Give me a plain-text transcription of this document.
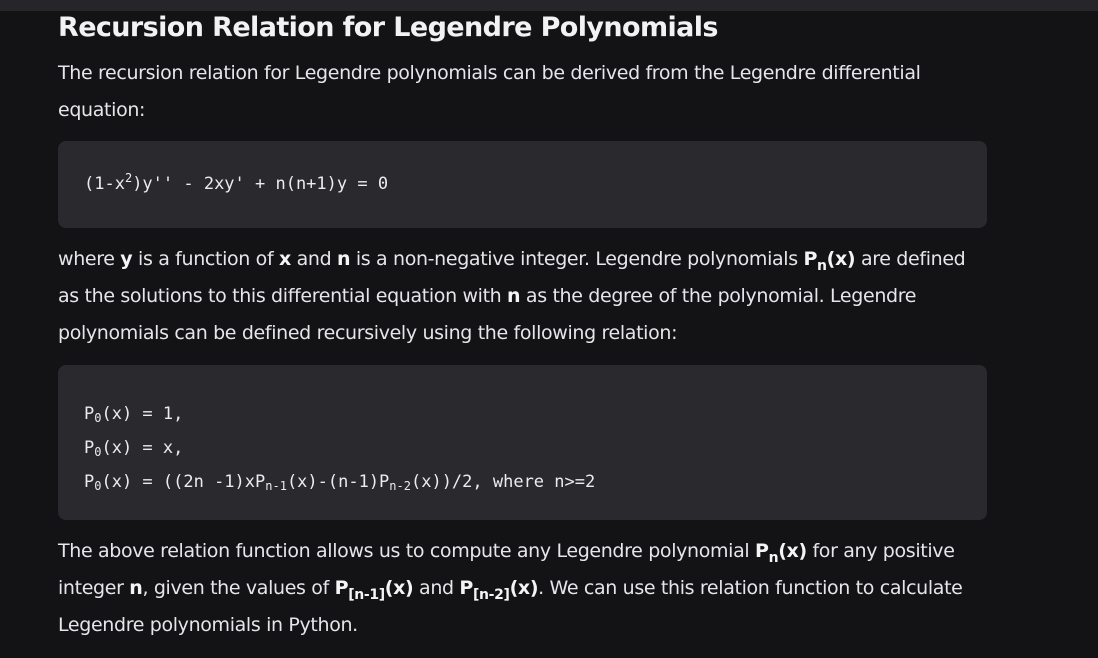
Recursion Relation for Legendre Polynomials

The recursion relation for Legendre polynomials can be derived from the Legendre differential equation:

$(1-x^2)y'' - 2xy' + n(n+1)y = 0$

where y is a function of x and n is a non-negative integer. Legendre polynomials $P_n(x)$ are defined as the solutions to this differential equation with n as the degree of the polynomial. Legendre polynomials can be defined recursively using the following relation:

$P_0(x) = 1$,
$P_0(x) = x$,
$P_0(x) = ((2n$ $-1)xP_{n-1}(x)-(n-1)P_{n-2}(x))/2$, where n>=2

The above relation function allows us to compute any Legendre polynomial $P_n(x)$ for any positive integer n, given the values of $P_{[n-1]}(x)$ and $P_{[n-2]}(x)$. We can use this relation function to calculate Legendre polynomials in Python.
